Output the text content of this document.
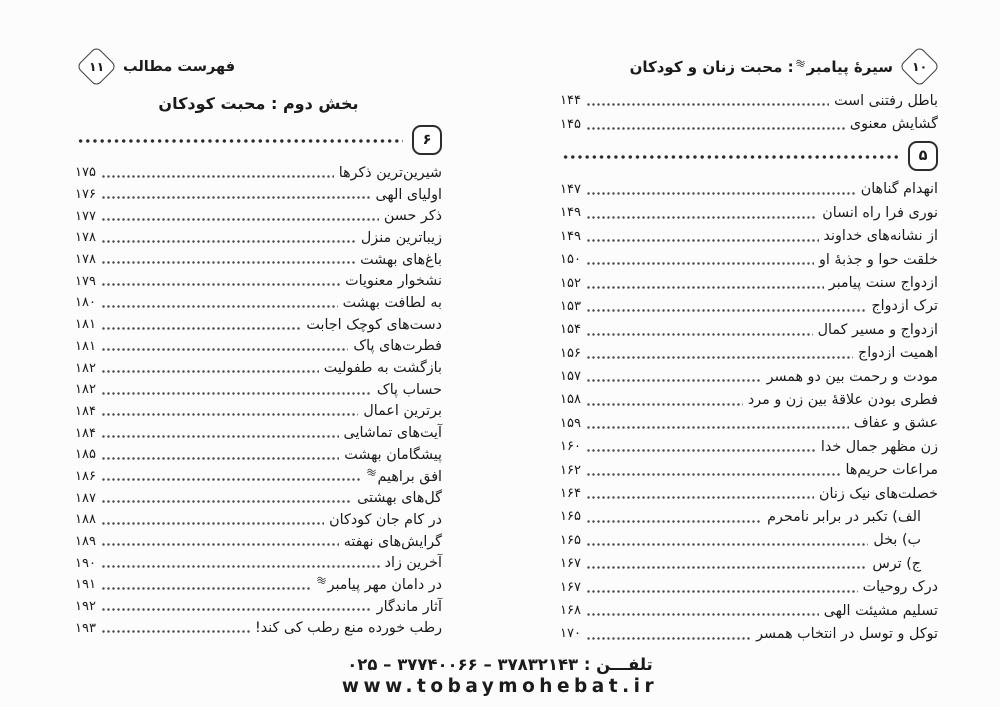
۱۰
سیرۀ پیامبر: محبت زنان و کودکان
فهرست مطالب
۱۱
باطل رفتنی است
۱۴۴
گشایش معنوی
۱۴۵
۵
انهدام گناهان
۱۴۷
نوری فرا راه انسان
۱۴۹
از نشانه‌های خداوند
۱۴۹
خلقت حوا و جذبۀ او
۱۵۰
ازدواج سنت پیامبر
۱۵۲
ترک ازدواج
۱۵۳
ازدواج و مسیر کمال
۱۵۴
اهمیت ازدواج
۱۵۶
مودت و رحمت بین دو همسر
۱۵۷
فطری بودن علاقۀ بین زن و مرد
۱۵۸
عشق و عفاف
۱۵۹
زن مظهر جمال خدا
۱۶۰
مراعات حریم‌ها
۱۶۲
خصلت‌های نیک زنان
۱۶۴
الف) تکبر در برابر نامحرم
۱۶۵
ب) بخل
۱۶۵
ج) ترس
۱۶۷
درک روحیات
۱۶۷
تسلیم مشیئت الهی
۱۶۸
توکل و توسل در انتخاب همسر
۱۷۰
بخش دوم : محبت کودکان
۶
شیرین‌ترین ذکرها
۱۷۵
اولیای الهی
۱۷۶
ذکر حسن
۱۷۷
زیباترین منزل
۱۷۸
باغ‌های بهشت
۱۷۸
نشخوار معنویات
۱۷۹
به لطافت بهشت
۱۸۰
دست‌های کوچک اجابت
۱۸۱
فطرت‌های پاک
۱۸۱
بازگشت به طفولیت
۱۸۲
حساب پاک
۱۸۲
برترین اعمال
۱۸۴
آیت‌های تماشایی
۱۸۴
پیشگامان بهشت
۱۸۵
افق براهیم
۱۸۶
گل‌های بهشتی
۱۸۷
در کام جان کودکان
۱۸۸
گرایش‌های نهفته
۱۸۹
آخرین زاد
۱۹۰
در دامان مهر پیامبر
۱۹۱
آثار ماندگار
۱۹۲
رطب خورده منع رطب کی کند!
۱۹۳
تلفـــن : ۳۷۸۳۲۱۴۳ – ۳۷۷۴۰۰۶۶ – ۰۲۵
www.tobaymohebat.ir
